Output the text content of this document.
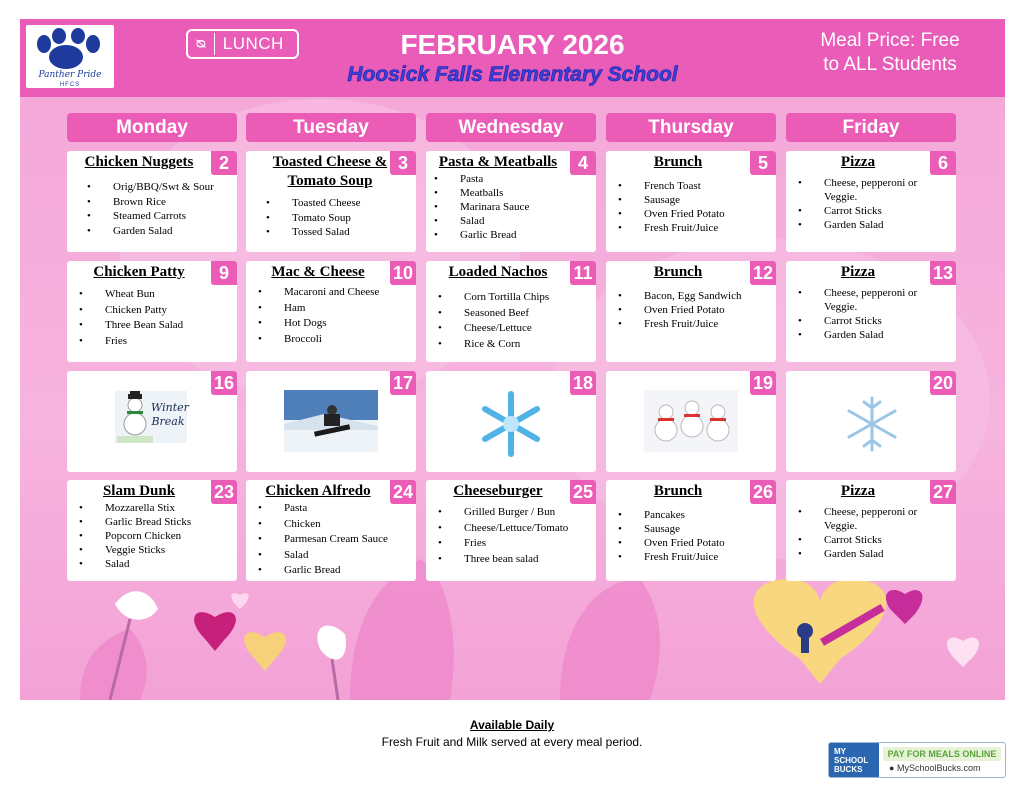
Panther Pride
HFCS
ᴓ LUNCH	FEBRUARY 2026
Hoosick Falls Elementary School
Meal Price: Free
to ALL Students
Monday	Tuesday	Wednesday	Thursday	Friday
2
Chicken Nuggets
• Orig/BBQ/Swt & Sour
• Brown Rice
• Steamed Carrots
• Garden Salad
3
Toasted Cheese & Tomato Soup
• Toasted Cheese
• Tomato Soup
• Tossed Salad
4
Pasta & Meatballs
• Pasta
• Meatballs
• Marinara Sauce
• Salad
• Garlic Bread
5
Brunch
• French Toast
• Sausage
• Oven Fried Potato
• Fresh Fruit/Juice
6
Pizza
• Cheese, pepperoni or Veggie.
• Carrot Sticks
• Garden Salad
9
Chicken Patty
• Wheat Bun
• Chicken Patty
• Three Bean Salad
• Fries
10
Mac & Cheese
• Macaroni and Cheese
• Ham
• Hot Dogs
• Broccoli
11
Loaded Nachos
• Corn Tortilla Chips
• Seasoned Beef
• Cheese/Lettuce
• Rice & Corn
12
Brunch
• Bacon, Egg Sandwich
• Oven Fried Potato
• Fresh Fruit/Juice
13
Pizza
• Cheese, pepperoni or Veggie.
• Carrot Sticks
• Garden Salad
16
Winter Break
17	18	19	20
23
Slam Dunk
• Mozzarella Stix
• Garlic Bread Sticks
• Popcorn Chicken
• Veggie Sticks
• Salad
24
Chicken Alfredo
• Pasta
• Chicken
• Parmesan Cream Sauce
• Salad
• Garlic Bread
25
Cheeseburger
• Grilled Burger / Bun
• Cheese/Lettuce/Tomato
• Fries
• Three bean salad
26
Brunch
• Pancakes
• Sausage
• Oven Fried Potato
• Fresh Fruit/Juice
27
Pizza
• Cheese, pepperoni or Veggie.
• Carrot Sticks
• Garden Salad
Available Daily
Fresh Fruit and Milk served at every meal period.
MY SCHOOL BUCKS
PAY FOR MEALS ONLINE
● MySchoolBucks.com
